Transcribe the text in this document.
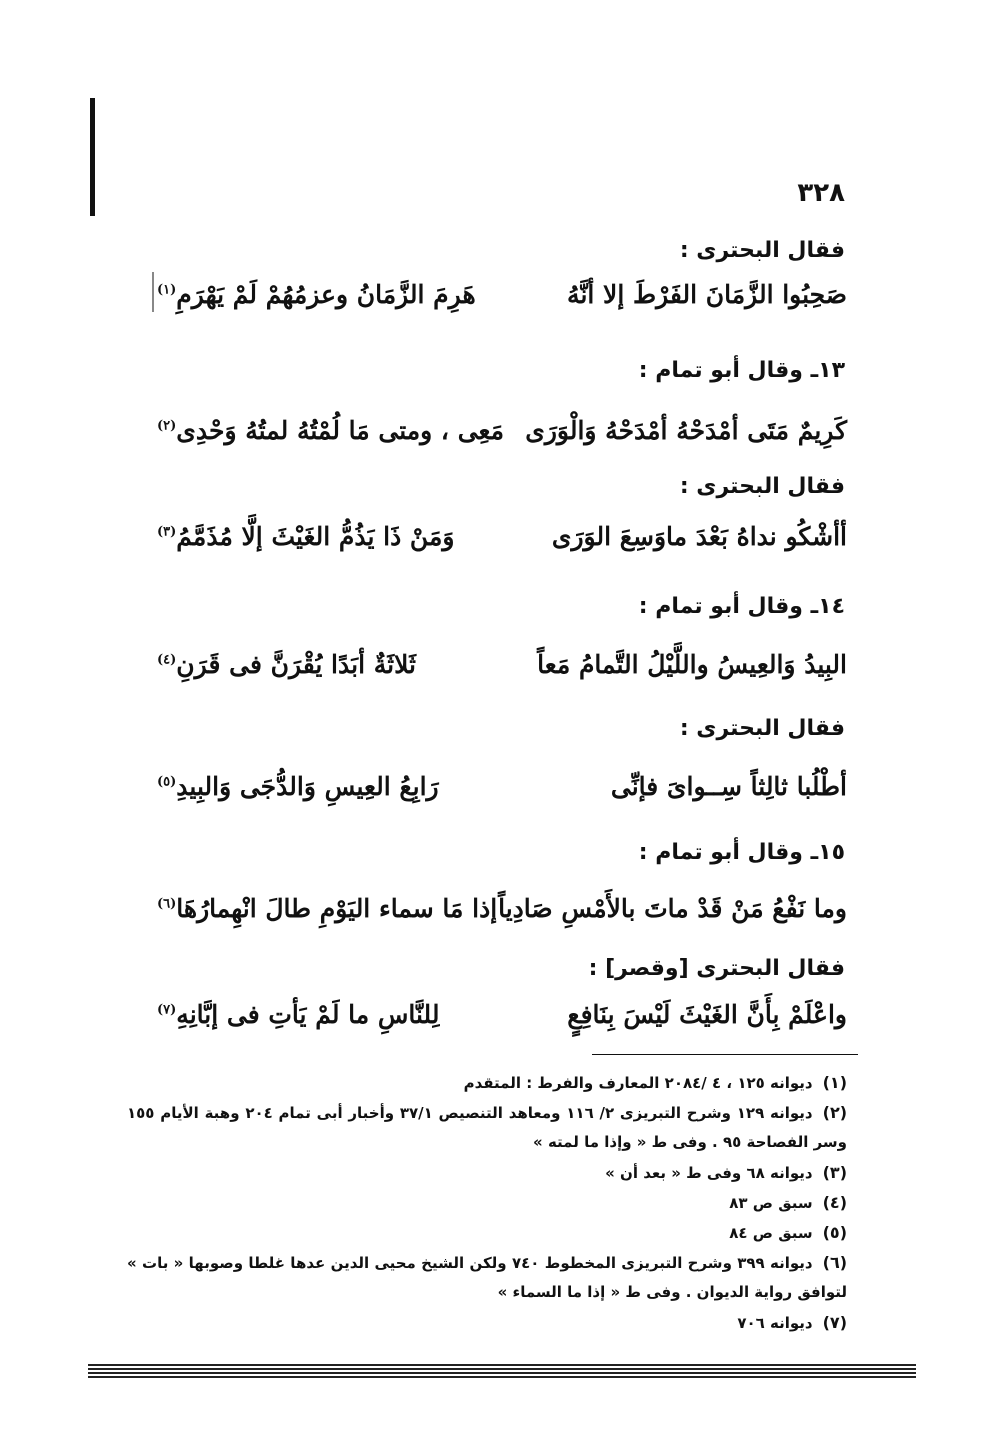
٣٢٨
فقال البحترى :
صَحِبُوا الزَّمَانَ الفَرْطَ إلا أنَّهُ
هَرِمَ الزَّمَانُ وعزمُهُمْ لَمْ يَهْرَمِ$^{(١)}$
١٣ـ وقال أبو تمام :
كَرِيمٌ مَتَى أمْدَحْهُ أمْدَحْهُ وَالْوَرَى
مَعِى ، ومتى مَا لُمْتُهُ لمتُهُ وَحْدِى$^{(٢)}$
فقال البحترى :
أأشْكُو نداهُ بَعْدَ ماوَسِعَ الوَرَى
وَمَنْ ذَا يَذُمُّ الغَيْثَ إلَّا مُذَمَّمُ$^{(٣)}$
١٤ـ وقال أبو تمام :
البِيدُ وَالعِيسُ واللَّيْلُ التَّمامُ مَعاً
ثَلاثَةٌ أبَدًا يُقْرَنَّ فى قَرَنِ$^{(٤)}$
فقال البحترى :
أطْلُبا ثالِثاً سِــواىَ فإنِّى
رَابِعُ العِيسِ وَالدُّجَى وَالبِيدِ$^{(٥)}$
١٥ـ وقال أبو تمام :
وما نَفْعُ مَنْ قَدْ ماتَ بالأَمْسِ صَادِياً
إذا مَا سماء اليَوْمِ طالَ انْهِمارُهَا$^{(٦)}$
فقال البحترى [وقصر] :
واعْلَمْ بِأَنَّ الغَيْثَ لَيْسَ بِنَافِعٍ
لِلنَّاسِ ما لَمْ يَأتِ فى إبَّانِهِ$^{(٧)}$
(١)ديوانه ١٢٥ ، ٤ /٢٠٨٤ المعارف والفرط : المتقدم
(٢)ديوانه ١٢٩ وشرح التبريزى ٢/ ١١٦ ومعاهد التنصيص ٣٧/١ وأخبار أبى تمام ٢٠٤ وهبة الأيام ١٥٥ وسر الفصاحة ٩٥ . وفى ط « وإذا ما لمته »
(٣)ديوانه ٦٨ وفى ط « بعد أن »
(٤)سبق ص ٨٣
(٥)سبق ص ٨٤
(٦)ديوانه ٣٩٩ وشرح التبريزى المخطوط ٧٤٠ ولكن الشيخ محيى الدين عدها غلطا وصوبها « بات » لتوافق رواية الديوان . وفى ط « إذا ما السماء »
(٧)ديوانه ٧٠٦
